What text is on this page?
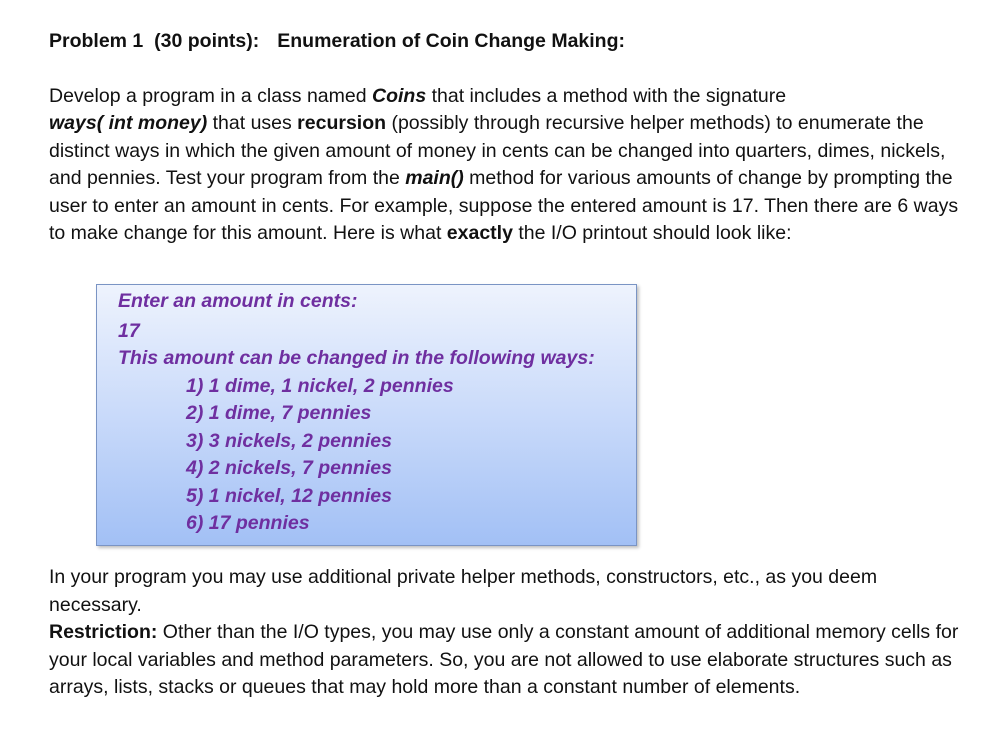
Problem 1 (30 points): Enumeration of Coin Change Making:

Develop a program in a class named Coins that includes a method with the signature
ways( int money) that uses recursion (possibly through recursive helper methods) to enumerate the distinct ways in which the given amount of money in cents can be changed into quarters, dimes, nickels, and pennies. Test your program from the main() method for various amounts of change by prompting the user to enter an amount in cents. For example, suppose the entered amount is 17. Then there are 6 ways to make change for this amount. Here is what exactly the I/O printout should look like:

Enter an amount in cents:
17
This amount can be changed in the following ways:
1) 1 dime, 1 nickel, 2 pennies
2) 1 dime, 7 pennies
3) 3 nickels, 2 pennies
4) 2 nickels, 7 pennies
5) 1 nickel, 12 pennies
6) 17 pennies

In your program you may use additional private helper methods, constructors, etc., as you deem necessary.

Restriction: Other than the I/O types, you may use only a constant amount of additional memory cells for your local variables and method parameters. So, you are not allowed to use elaborate structures such as arrays, lists, stacks or queues that may hold more than a constant number of elements.
